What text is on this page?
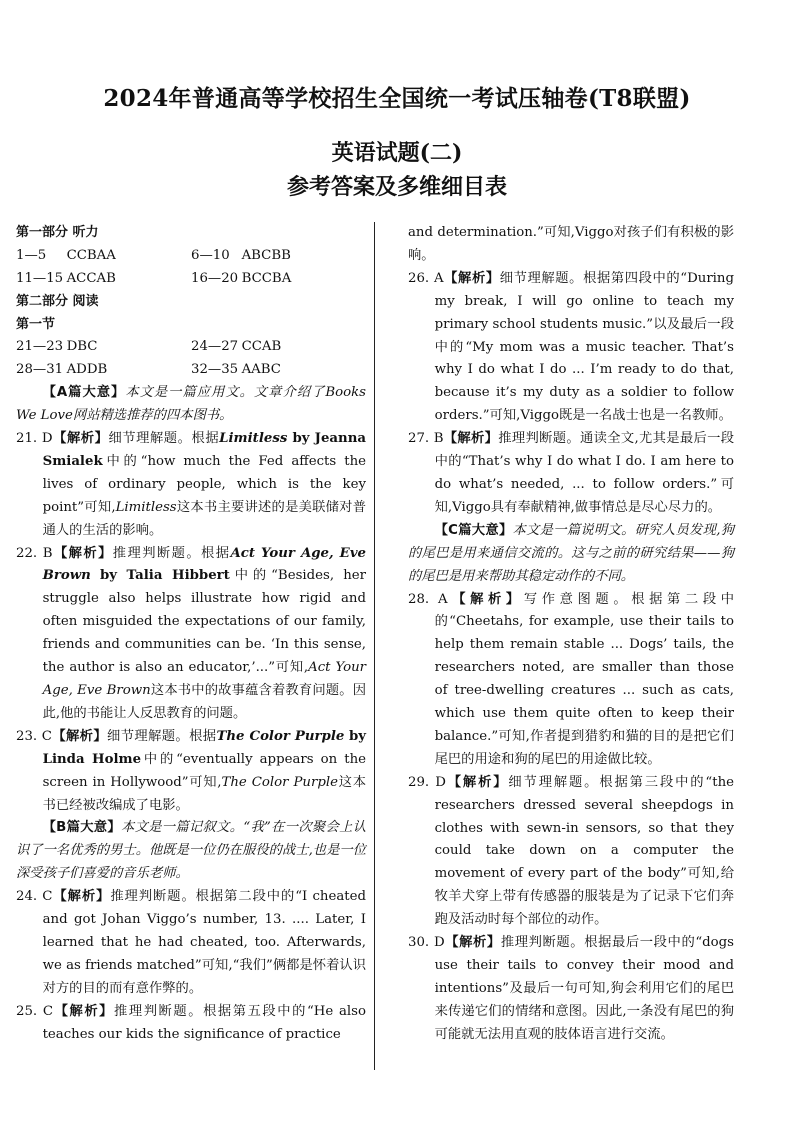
2024年普通高等学校招生全国统一考试压轴卷(T8联盟)
英语试题(二)
参考答案及多维细目表
第一部分 听力
1—5	CCBAA	6—10 ABCBB
11—15 ACCAB	16—20 BCCBA
第二部分 阅读
第一节
21—23 DBC	24—27 CCAB
28—31 ADDB	32—35 AABC

【A篇大意】本文是一篇应用文。文章介绍了Books We Love网站精选推荐的四本图书。

21. D【解析】细节理解题。根据Limitless by Jeanna Smialek中的“how much the Fed affects the lives of ordinary people, which is the key point”可知,Limitless这本书主要讲述的是美联储对普通人的生活的影响。

22. B【解析】推理判断题。根据Act Your Age, Eve Brown by Talia Hibbert中的“Besides, her struggle also helps illustrate how rigid and often misguided the expectations of our family, friends and communities can be. ‘In this sense, the author is also an educator,’...”可知,Act Your Age, Eve Brown这本书中的故事蕴含着教育问题。因此,他的书能让人反思教育的问题。

23. C【解析】细节理解题。根据The Color Purple by Linda Holme中的“eventually appears on the screen in Hollywood”可知,The Color Purple这本书已经被改编成了电影。

【B篇大意】本文是一篇记叙文。“我”在一次聚会上认识了一名优秀的男士。他既是一位仍在服役的战士,也是一位深受孩子们喜爱的音乐老师。

24. C【解析】推理判断题。根据第二段中的“I cheated and got Johan Viggo’s number, 13. .... Later, I learned that he had cheated, too. Afterwards, we as friends matched”可知,“我们”俩都是怀着认识对方的目的而有意作弊的。

25. C【解析】推理判断题。根据第五段中的“He also teaches our kids the significance of practice

and determination.”可知,Viggo对孩子们有积极的影响。

26. A【解析】细节理解题。根据第四段中的“During my break, I will go online to teach my primary school students music.”以及最后一段中的“My mom was a music teacher. That’s why I do what I do ... I’m ready to do that, because it’s my duty as a soldier to follow orders.”可知,Viggo既是一名战士也是一名教师。

27. B【解析】推理判断题。通读全文,尤其是最后一段中的“That’s why I do what I do. I am here to do what’s needed, ... to follow orders.”可知,Viggo具有奉献精神,做事情总是尽心尽力的。

【C篇大意】本文是一篇说明文。研究人员发现,狗的尾巴是用来通信交流的。这与之前的研究结果——狗的尾巴是用来帮助其稳定动作的不同。

28. A【解析】写作意图题。根据第二段中的“Cheetahs, for example, use their tails to help them remain stable ... Dogs’ tails, the researchers noted, are smaller than those of tree-dwelling creatures ... such as cats, which use them quite often to keep their balance.”可知,作者提到猎豹和猫的目的是把它们尾巴的用途和狗的尾巴的用途做比较。

29. D【解析】细节理解题。根据第三段中的“the researchers dressed several sheepdogs in clothes with sewn-in sensors, so that they could take down on a computer the movement of every part of the body”可知,给牧羊犬穿上带有传感器的服装是为了记录下它们奔跑及活动时每个部位的动作。

30. D【解析】推理判断题。根据最后一段中的“dogs use their tails to convey their mood and intentions”及最后一句可知,狗会利用它们的尾巴来传递它们的情绪和意图。因此,一条没有尾巴的狗可能就无法用直观的肢体语言进行交流。
